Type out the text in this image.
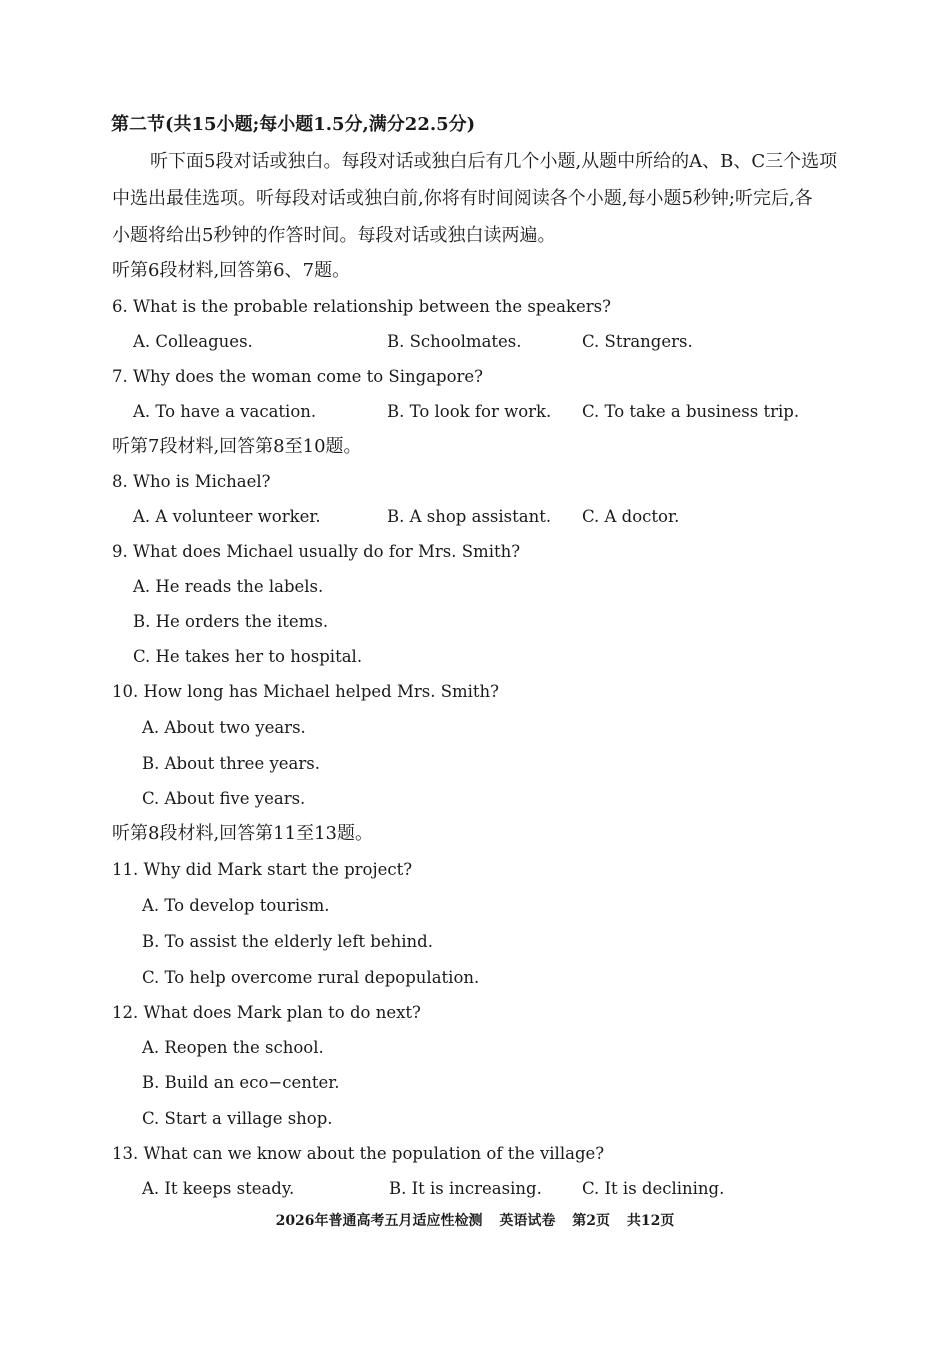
第二节(共15小题;每小题1.5分,满分22.5分)
听下面5段对话或独白。每段对话或独白后有几个小题,从题中所给的A、B、C三个选项
中选出最佳选项。听每段对话或独白前,你将有时间阅读各个小题,每小题5秒钟;听完后,各
小题将给出5秒钟的作答时间。每段对话或独白读两遍。
听第6段材料,回答第6、7题。
6. What is the probable relationship between the speakers?
A. Colleagues.	B. Schoolmates.	C. Strangers.
7. Why does the woman come to Singapore?
A. To have a vacation.	B. To look for work. C. To take a business trip.
听第7段材料,回答第8至10题。
8. Who is Michael?
A. A volunteer worker.	B. A shop assistant. C. A doctor.
9. What does Michael usually do for Mrs. Smith?
A. He reads the labels.
B. He orders the items.
C. He takes her to hospital.
10. How long has Michael helped Mrs. Smith?
A. About two years.
B. About three years.
C. About five years.
听第8段材料,回答第11至13题。
11. Why did Mark start the project?
A. To develop tourism.
B. To assist the elderly left behind.
C. To help overcome rural depopulation.
12. What does Mark plan to do next?
A. Reopen the school.
B. Build an eco−center.
C. Start a village shop.
13. What can we know about the population of the village?
A. It keeps steady.	B. It is increasing. C. It is declining.
2026年普通高考五月适应性检测 英语试卷 第2页 共12页
